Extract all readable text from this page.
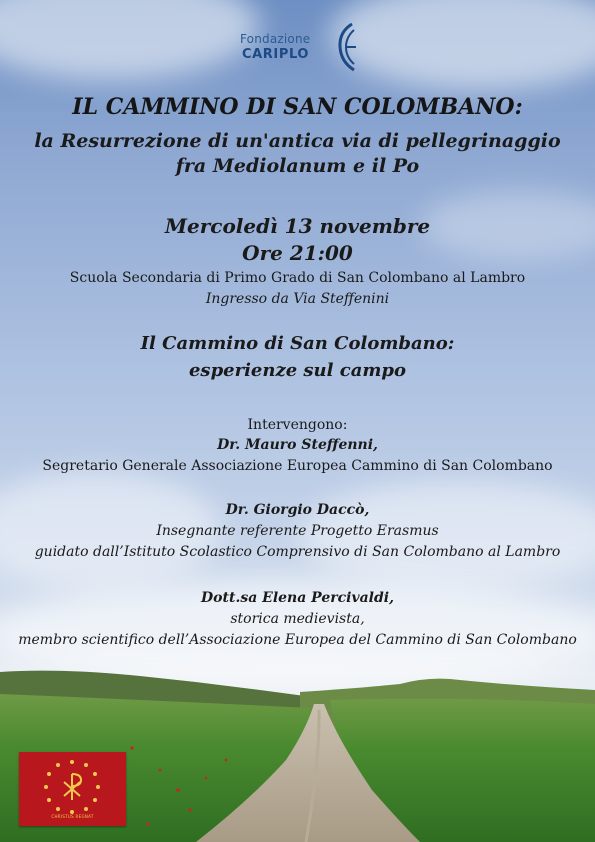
Fondazione
CARIPLO
IL CAMMINO DI SAN COLOMBANO:
la Resurrezione di un'antica via di pellegrinaggio
fra Mediolanum e il Po
Mercoledì 13 novembre
Ore 21:00
Scuola Secondaria di Primo Grado di San Colombano al Lambro
Ingresso da Via Steffenini
Il Cammino di San Colombano:
esperienze sul campo
Intervengono:
Dr. Mauro Steffenni,
Segretario Generale Associazione Europea Cammino di San Colombano
Dr. Giorgio Daccò,
Insegnante referente Progetto Erasmus
guidato dall’Istituto Scolastico Comprensivo di San Colombano al Lambro
Dott.sa Elena Percivaldi,
storica medievista,
membro scientifico dell’Associazione Europea del Cammino di San Colombano
CHRISTUS REGNAT
